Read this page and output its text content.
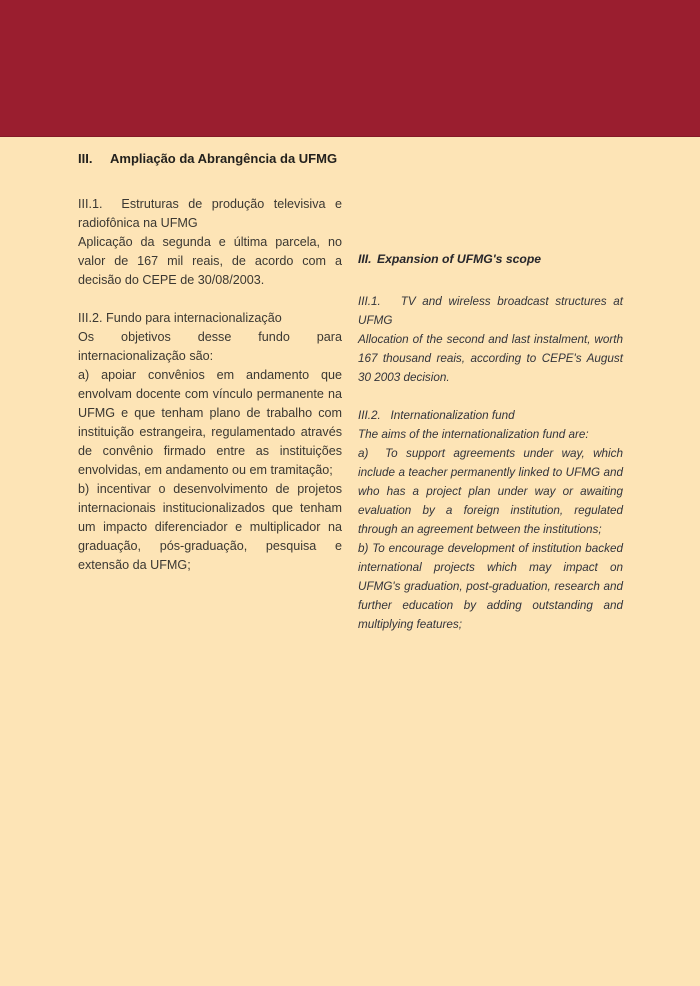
III.	Ampliação da Abrangência da UFMG
III.1.  Estruturas de produção televisiva e radiofônica na UFMG
Aplicação da segunda e última parcela, no valor de 167 mil reais, de acordo com a decisão do CEPE de 30/08/2003.
III.2. Fundo para internacionalização
Os objetivos desse fundo para internacionalização são:
a) apoiar convênios em andamento que envolvam docente com vínculo permanente na UFMG e que tenham plano de trabalho com instituição estrangeira, regulamentado através de convênio firmado entre as instituições envolvidas, em andamento ou em tramitação;
b) incentivar o desenvolvimento de projetos internacionais institucionalizados que tenham um impacto diferenciador e multiplicador na graduação, pós-graduação, pesquisa e extensão da UFMG;
III. Expansion of UFMG's scope
III.1.   TV and wireless broadcast structures at UFMG
Allocation of the second and last instalment, worth 167 thousand reais, according to CEPE's August 30 2003 decision.
III.2.   Internationalization fund
The aims of the internationalization fund are:
a)  To support agreements under way, which include a teacher permanently linked to UFMG and who has a project plan under way or awaiting evaluation by a foreign institution, regulated through an agreement between the institutions;
b) To encourage development of institution backed international projects which may impact on UFMG's graduation, post-graduation, research and further education by adding outstanding and multiplying features;
